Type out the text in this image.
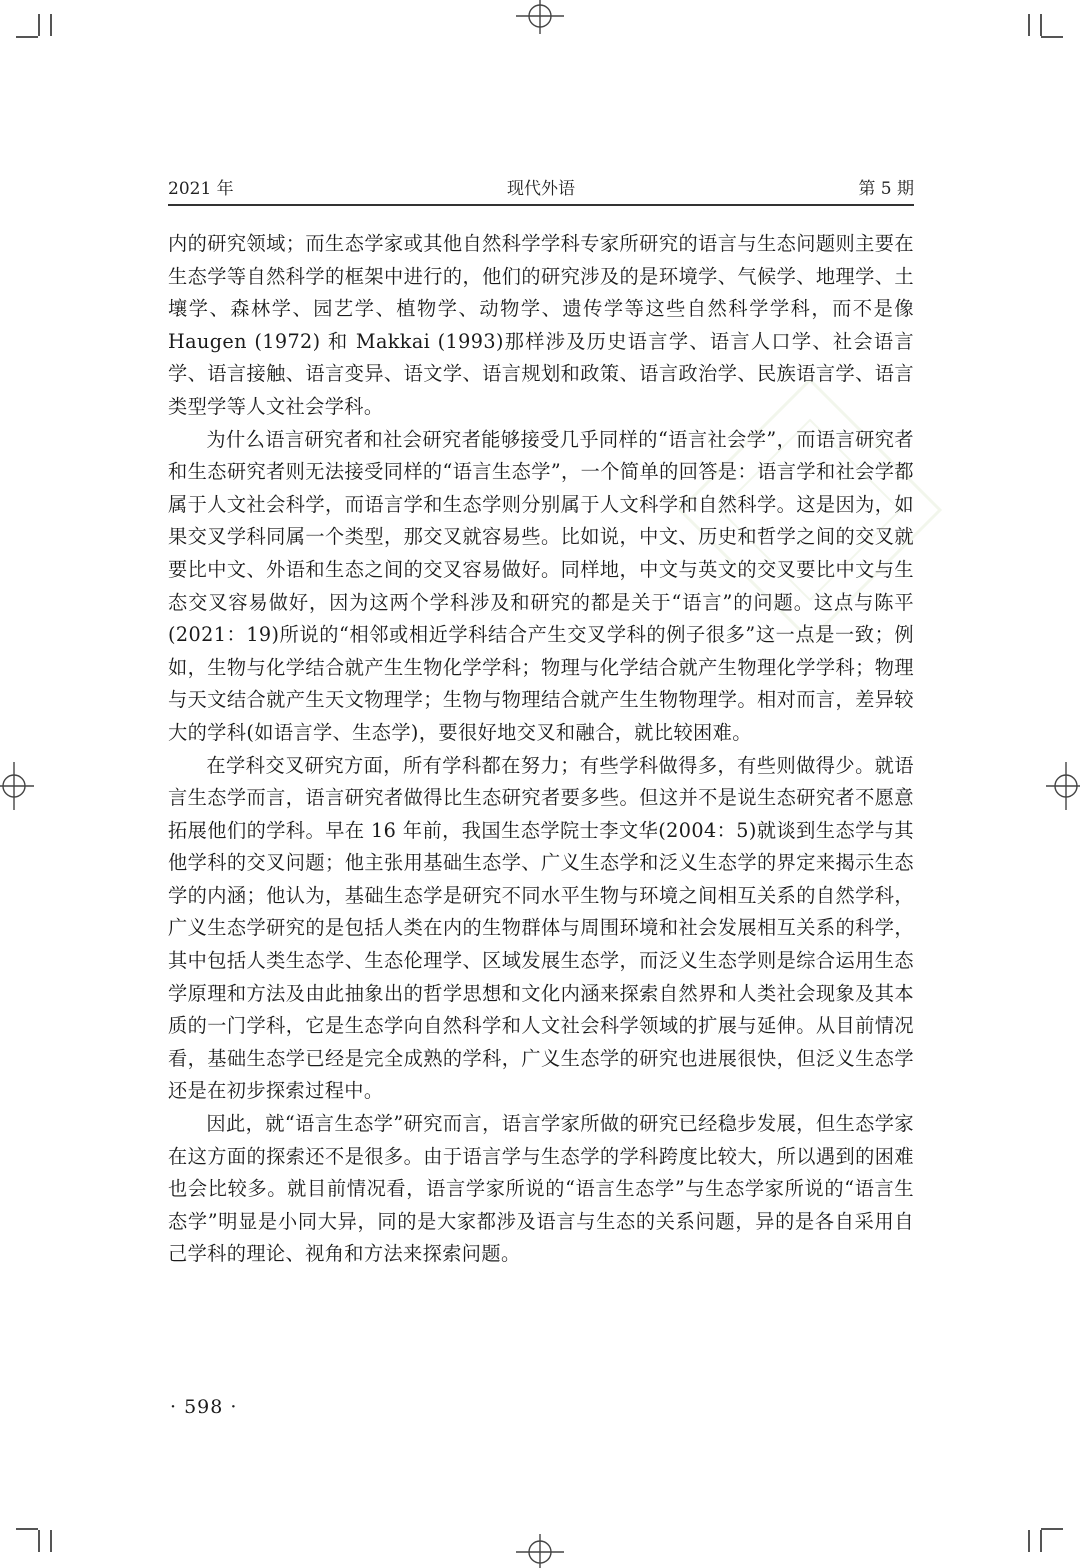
2021 年	现代外语	第 5 期

内的研究领域；而生态学家或其他自然科学学科专家所研究的语言与生态问题则主要在生态学等自然科学的框架中进行的，他们的研究涉及的是环境学、气候学、地理学、土壤学、森林学、园艺学、植物学、动物学、遗传学等这些自然科学学科，而不是像 Haugen (1972) 和 Makkai (1993)那样涉及历史语言学、语言人口学、社会语言学、语言接触、语言变异、语文学、语言规划和政策、语言政治学、民族语言学、语言类型学等人文社会学科。

为什么语言研究者和社会研究者能够接受几乎同样的“语言社会学”，而语言研究者和生态研究者则无法接受同样的“语言生态学”，一个简单的回答是：语言学和社会学都属于人文社会科学，而语言学和生态学则分别属于人文科学和自然科学。这是因为，如果交叉学科同属一个类型，那交叉就容易些。比如说，中文、历史和哲学之间的交叉就要比中文、外语和生态之间的交叉容易做好。同样地，中文与英文的交叉要比中文与生态交叉容易做好，因为这两个学科涉及和研究的都是关于“语言”的问题。这点与陈平 (2021：19)所说的“相邻或相近学科结合产生交叉学科的例子很多”这一点是一致；例如，生物与化学结合就产生生物化学学科；物理与化学结合就产生物理化学学科；物理与天文结合就产生天文物理学；生物与物理结合就产生生物物理学。相对而言，差异较大的学科(如语言学、生态学)，要很好地交叉和融合，就比较困难。

在学科交叉研究方面，所有学科都在努力；有些学科做得多，有些则做得少。就语言生态学而言，语言研究者做得比生态研究者要多些。但这并不是说生态研究者不愿意拓展他们的学科。早在 16 年前，我国生态学院士李文华(2004：5)就谈到生态学与其他学科的交叉问题；他主张用基础生态学、广义生态学和泛义生态学的界定来揭示生态学的内涵；他认为，基础生态学是研究不同水平生物与环境之间相互关系的自然学科，广义生态学研究的是包括人类在内的生物群体与周围环境和社会发展相互关系的科学，其中包括人类生态学、生态伦理学、区域发展生态学，而泛义生态学则是综合运用生态学原理和方法及由此抽象出的哲学思想和文化内涵来探索自然界和人类社会现象及其本质的一门学科，它是生态学向自然科学和人文社会科学领域的扩展与延伸。从目前情况看，基础生态学已经是完全成熟的学科，广义生态学的研究也进展很快，但泛义生态学还是在初步探索过程中。

因此，就“语言生态学”研究而言，语言学家所做的研究已经稳步发展，但生态学家在这方面的探索还不是很多。由于语言学与生态学的学科跨度比较大，所以遇到的困难也会比较多。就目前情况看，语言学家所说的“语言生态学”与生态学家所说的“语言生态学”明显是小同大异，同的是大家都涉及语言与生态的关系问题，异的是各自采用自己学科的理论、视角和方法来探索问题。

· 598 ·
